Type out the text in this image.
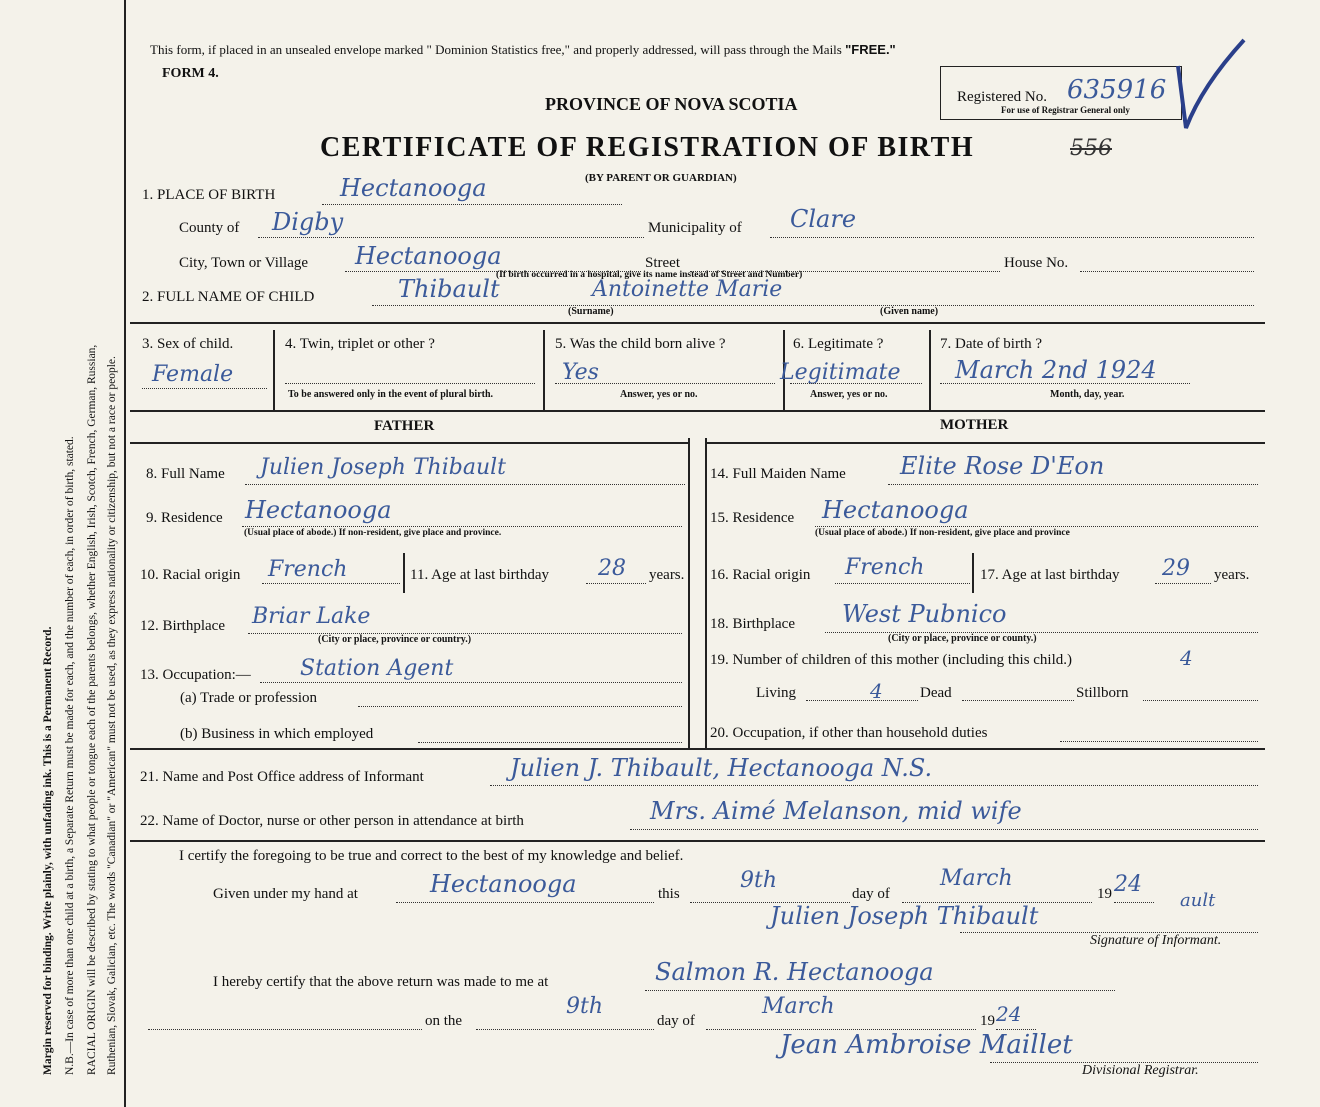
Margin reserved for binding. Write plainly, with unfading ink. This is a Permanent Record. N.B.—In case of more than one child at a birth, a Separate Return must be made for each, and the number of each, in order of birth, stated. RACIAL ORIGIN will be described by stating to what people or tongue each of the parents belongs, whether English, Irish, Scotch, French, German, Russian, Ruthenian, Slovak, Galician, etc. The words "Canadian" or "American" must not be used, as they express nationality or citizenship, but not a race or people.
This form, if placed in an unsealed envelope marked " Dominion Statistics free," and properly addressed, will pass through the Mails "FREE."
FORM 4.
Registered No. 635916
For use of Registrar General only
PROVINCE OF NOVA SCOTIA
CERTIFICATE OF REGISTRATION OF BIRTH	556
(BY PARENT OR GUARDIAN)
1. PLACE OF BIRTH	Hectanooga
County of Digby	Municipality of Clare
City, Town or Village Hectanooga	Street	House No.
(If birth occurred in a hospital, give its name instead of Street and Number)
2. FULL NAME OF CHILD	Thibault	Antoinette Marie
(Surname)	(Given name)
3. Sex of child.
Female
4. Twin, triplet or other ?
To be answered only in the event of plural birth.
5. Was the child born alive ?
Yes
Answer, yes or no.
6. Legitimate ?
Legitimate
Answer, yes or no.
7. Date of birth ?
March 2nd 1924
Month, day, year.
FATHER	MOTHER
8. Full Name Julien Joseph Thibault
9. Residence Hectanooga
(Usual place of abode.) If non-resident, give place and province.
10. Racial origin French	11. Age at last birthday 28 years.
12. Birthplace Briar Lake
(City or place, province or country.)
13. Occupation:— Station Agent
(a) Trade or profession
(b) Business in which employed
14. Full Maiden Name Elite Rose D'Eon
15. Residence Hectanooga
(Usual place of abode.) If non-resident, give place and province
16. Racial origin French	17. Age at last birthday 29 years.
18. Birthplace West Pubnico
(City or place, province or county.)
19. Number of children of this mother (including this child.)	4
Living	4 Dead	Stillborn
20. Occupation, if other than household duties
21. Name and Post Office address of Informant	Julien J. Thibault, Hectanooga N.S.
22. Name of Doctor, nurse or other person in attendance at birth	Mrs. Aimé Melanson, mid wife
I certify the foregoing to be true and correct to the best of my knowledge and belief.
Given under my hand at	Hectanooga	this
9th
day of
March
19 24
ault
Julien Joseph Thibault
Signature of Informant.
I hereby certify that the above return was made to me at	Salmon R. Hectanooga
on the
9th
day of
March
19 24
Jean Ambroise Maillet
Divisional Registrar.
